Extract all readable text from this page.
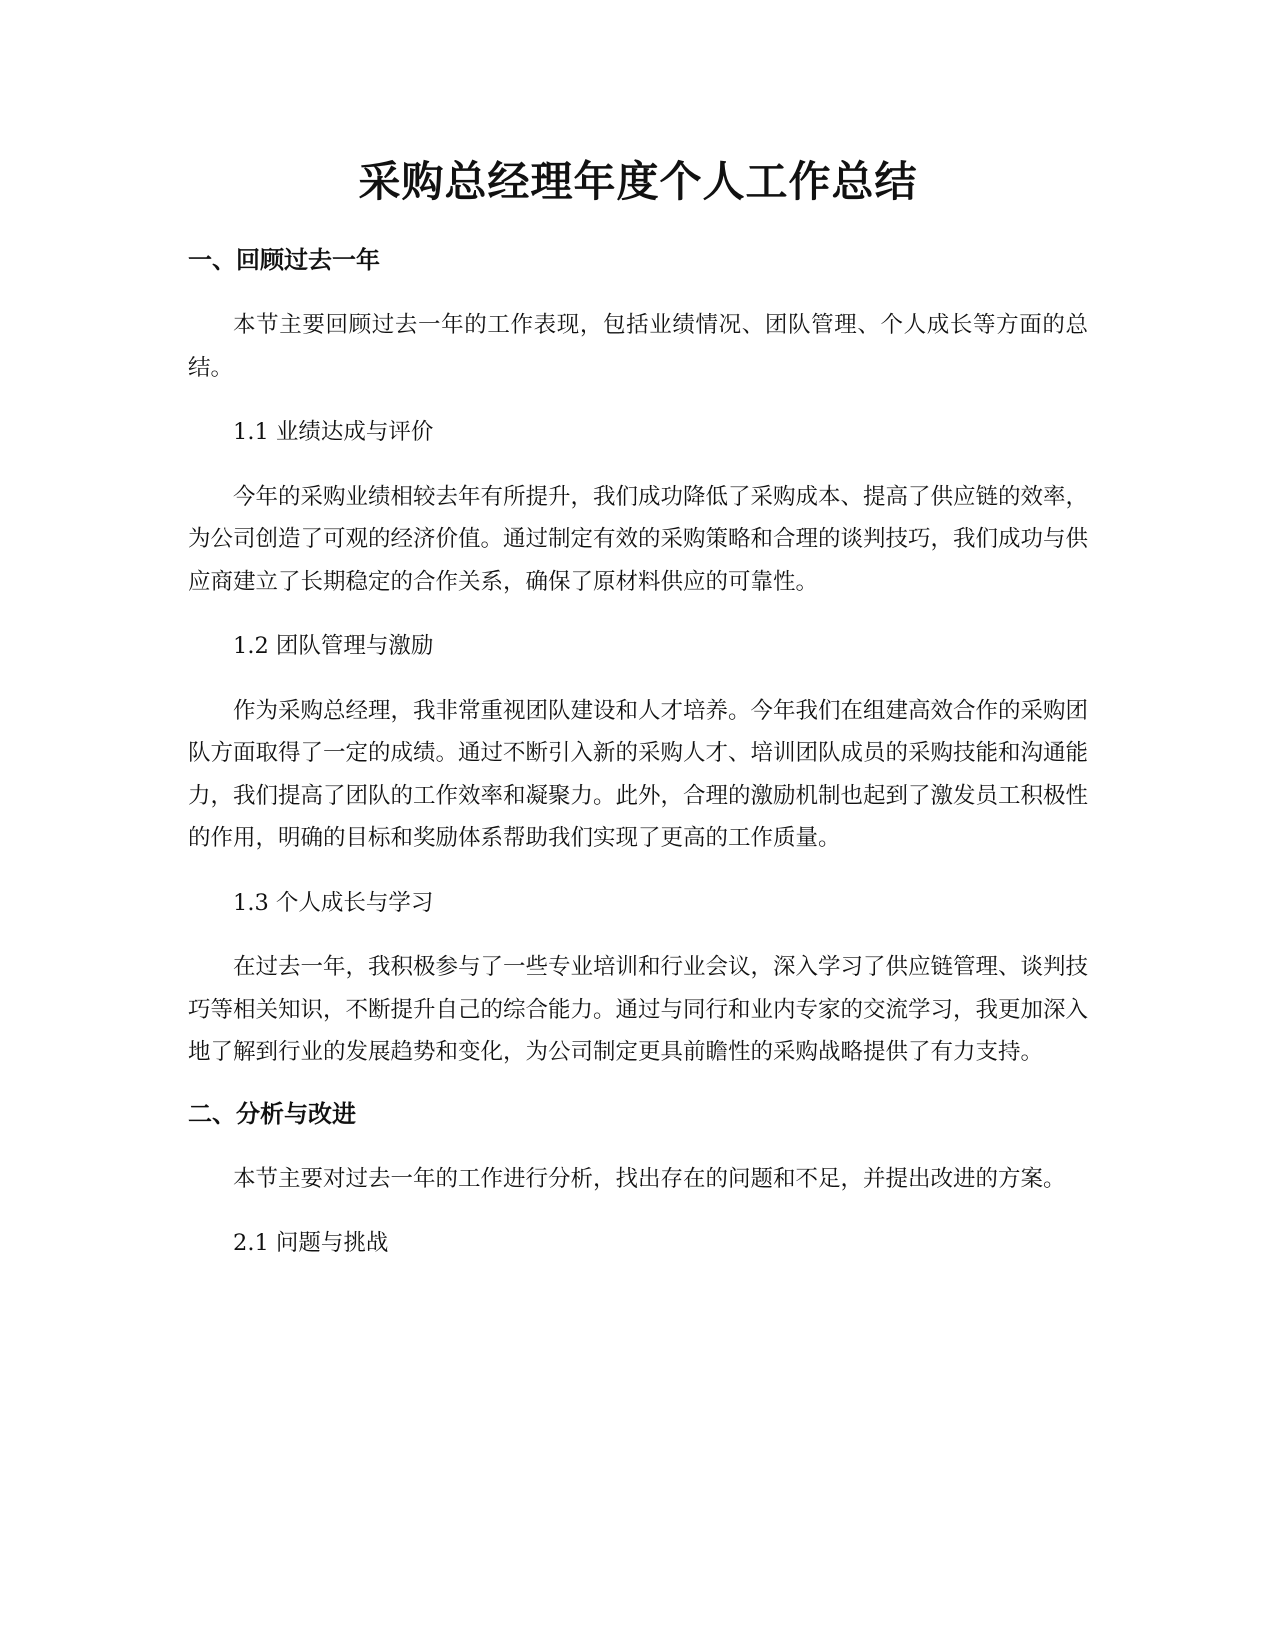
采购总经理年度个人工作总结
一、回顾过去一年

本节主要回顾过去一年的工作表现，包括业绩情况、团队管理、个人成长等方面的总结。

1.1 业绩达成与评价

今年的采购业绩相较去年有所提升，我们成功降低了采购成本、提高了供应链的效率，为公司创造了可观的经济价值。通过制定有效的采购策略和合理的谈判技巧，我们成功与供应商建立了长期稳定的合作关系，确保了原材料供应的可靠性。

1.2 团队管理与激励

作为采购总经理，我非常重视团队建设和人才培养。今年我们在组建高效合作的采购团队方面取得了一定的成绩。通过不断引入新的采购人才、培训团队成员的采购技能和沟通能力，我们提高了团队的工作效率和凝聚力。此外，合理的激励机制也起到了激发员工积极性的作用，明确的目标和奖励体系帮助我们实现了更高的工作质量。

1.3 个人成长与学习

在过去一年，我积极参与了一些专业培训和行业会议，深入学习了供应链管理、谈判技巧等相关知识，不断提升自己的综合能力。通过与同行和业内专家的交流学习，我更加深入地了解到行业的发展趋势和变化，为公司制定更具前瞻性的采购战略提供了有力支持。

二、分析与改进

本节主要对过去一年的工作进行分析，找出存在的问题和不足，并提出改进的方案。

2.1 问题与挑战
